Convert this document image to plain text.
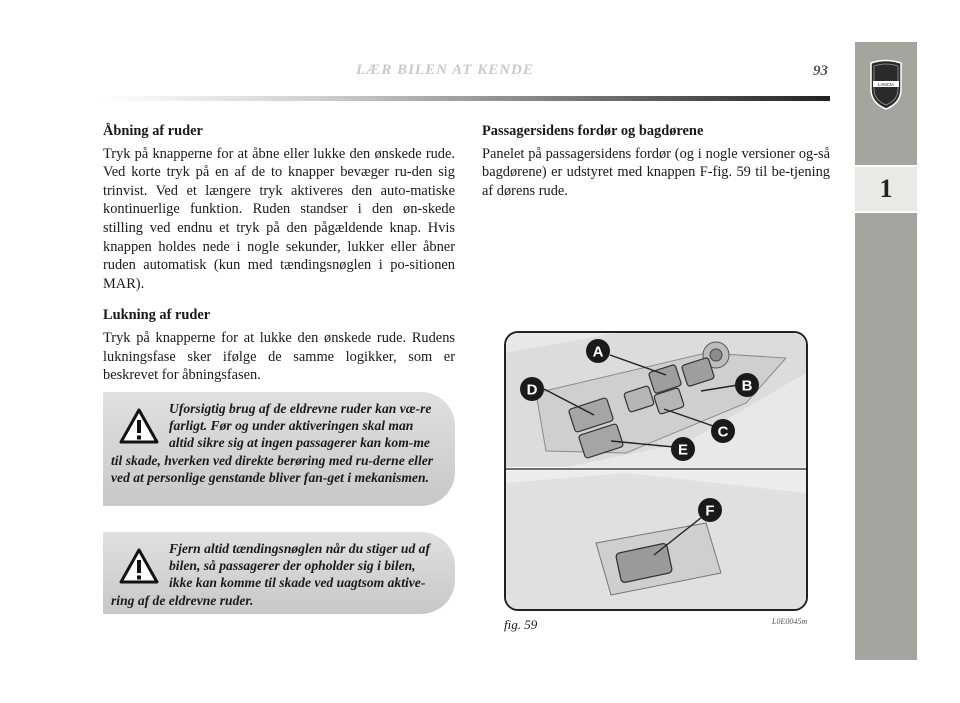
LÆR BILEN AT KENDE	93
LANCIA
1
Åbning af ruder
Tryk på knapperne for at åbne eller lukke den ønskede rude. Ved korte tryk på en af de to knapper bevæger ru-den sig trinvist. Ved et længere tryk aktiveres den auto-matiske kontinuerlige funktion. Ruden standser i den øn-skede stilling ved endnu et tryk på den pågældende knap. Hvis knappen holdes nede i nogle sekunder, lukker eller åbner ruden automatisk (kun med tændingsnøglen i po-sitionen MAR).
Lukning af ruder
Tryk på knapperne for at lukke den ønskede rude. Rudens lukningsfase sker ifølge de samme logikker, som er beskrevet for åbningsfasen.
Uforsigtig brug af de eldrevne ruder kan væ-re farligt. Før og under aktiveringen skal man altid sikre sig at ingen passagerer kan kom-me til skade, hverken ved direkte berøring med ru-derne eller ved at personlige genstande bliver fan-get i mekanismen.
Fjern altid tændingsnøglen når du stiger ud af bilen, så passagerer der opholder sig i bilen, ikke kan komme til skade ved uagtsom aktive-ring af de eldrevne ruder.
Passagersidens fordør og bagdørene
Panelet på passagersidens fordør (og i nogle versioner og-så bagdørene) er udstyret med knappen F-fig. 59 til be-tjening af dørens rude.
A
B
C
D
E
F
fig. 59	L0E0045m
